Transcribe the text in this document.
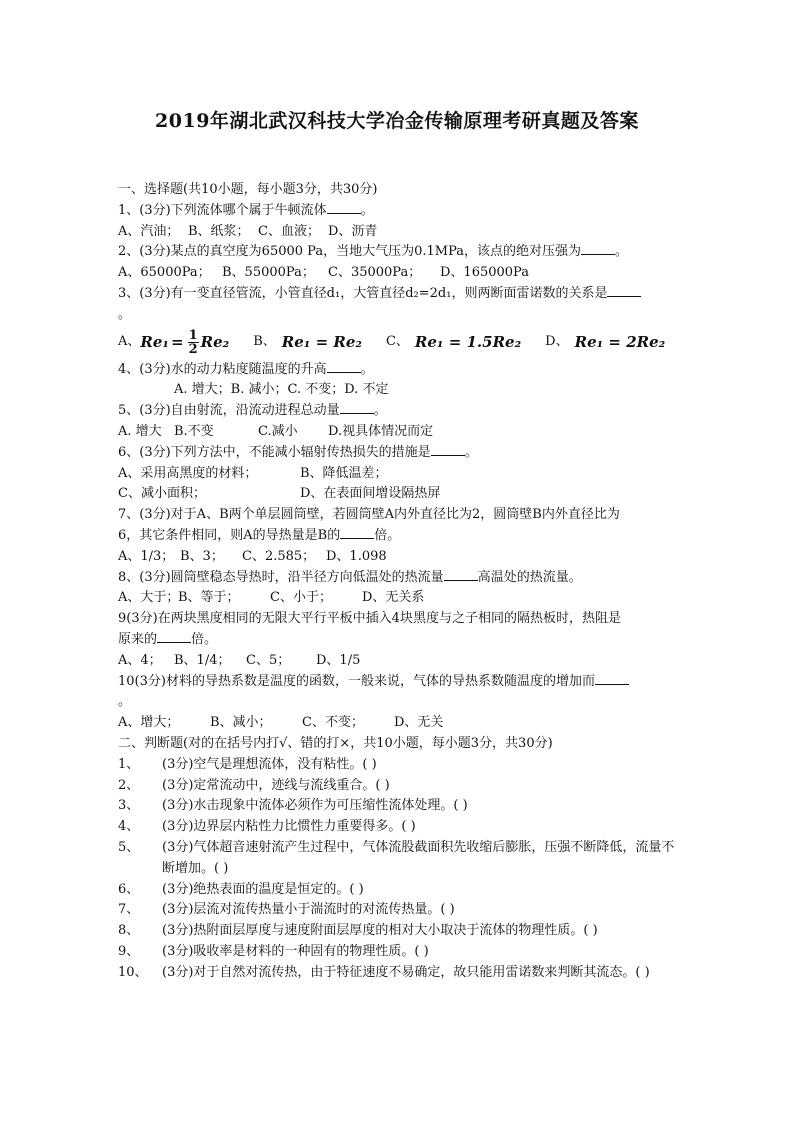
2019年湖北武汉科技大学冶金传输原理考研真题及答案
一、选择题(共10小题，每小题3分，共30分)
1、(3分)下列流体哪个属于牛顿流体	。
A、汽油； B、纸浆； C、血液； D、沥青
2、(3分)某点的真空度为65000 Pa，当地大气压为0.1MPa，该点的绝对压强为	。
A、65000Pa； B、55000Pa； C、35000Pa； D、165000Pa
3、(3分)有一变直径管流，小管直径d₁，大管直径d₂=2d₁，则两断面雷诺数的关系是
。
A、 $Re_1 = \frac{1}{2} Re_2$ B、 Re₁ = Re₂ C、 Re₁ = 1.5Re₂ D、 Re₁ = 2Re₂
4、(3分)水的动力粘度随温度的升高	。
A. 增大；B. 减小；C. 不变；D. 不定
5、(3分)自由射流，沿流动进程总动量	。
A. 增大 B.不变	C.减小 D.视具体情况而定
6、(3分)下列方法中，不能减小辐射传热损失的措施是	。
A、采用高黑度的材料；	B、降低温差；
C、减小面积；	D、在表面间增设隔热屏
7、(3分)对于A、B两个单层圆筒壁，若圆筒壁A内外直径比为2，圆筒壁B内外直径比为
6，其它条件相同，则A的导热量是B的	倍。
A、1/3； B、3； C、2.585； D、1.098
8、(3分)圆筒壁稳态导热时，沿半径方向低温处的热流量	高温处的热流量。
A、大于；B、等于； C、小于； D、无关系
9(3分)在两块黑度相同的无限大平行平板中插入4块黑度与之子相同的隔热板时，热阻是
原来的	倍。
A、4； B、1/4； C、5； D、1/5
10(3分)材料的导热系数是温度的函数，一般来说，气体的导热系数随温度的增加而
。
A、增大； B、减小； C、不变； D、无关
二、判断题(对的在括号内打√、错的打×，共10小题，每小题3分，共30分)
1、	(3分)空气是理想流体，没有粘性。( )
2、	(3分)定常流动中，迹线与流线重合。( )
3、	(3分)水击现象中流体必须作为可压缩性流体处理。( )
4、	(3分)边界层内粘性力比惯性力重要得多。( )
5、	(3分)气体超音速射流产生过程中，气体流股截面积先收缩后膨胀，压强不断降低，流量不断增加。( )
6、	(3分)绝热表面的温度是恒定的。( )
7、	(3分)层流对流传热量小于湍流时的对流传热量。( )
8、	(3分)热附面层厚度与速度附面层厚度的相对大小取决于流体的物理性质。( )
9、	(3分)吸收率是材料的一种固有的物理性质。( )
10、	(3分)对于自然对流传热，由于特征速度不易确定，故只能用雷诺数来判断其流态。( )
